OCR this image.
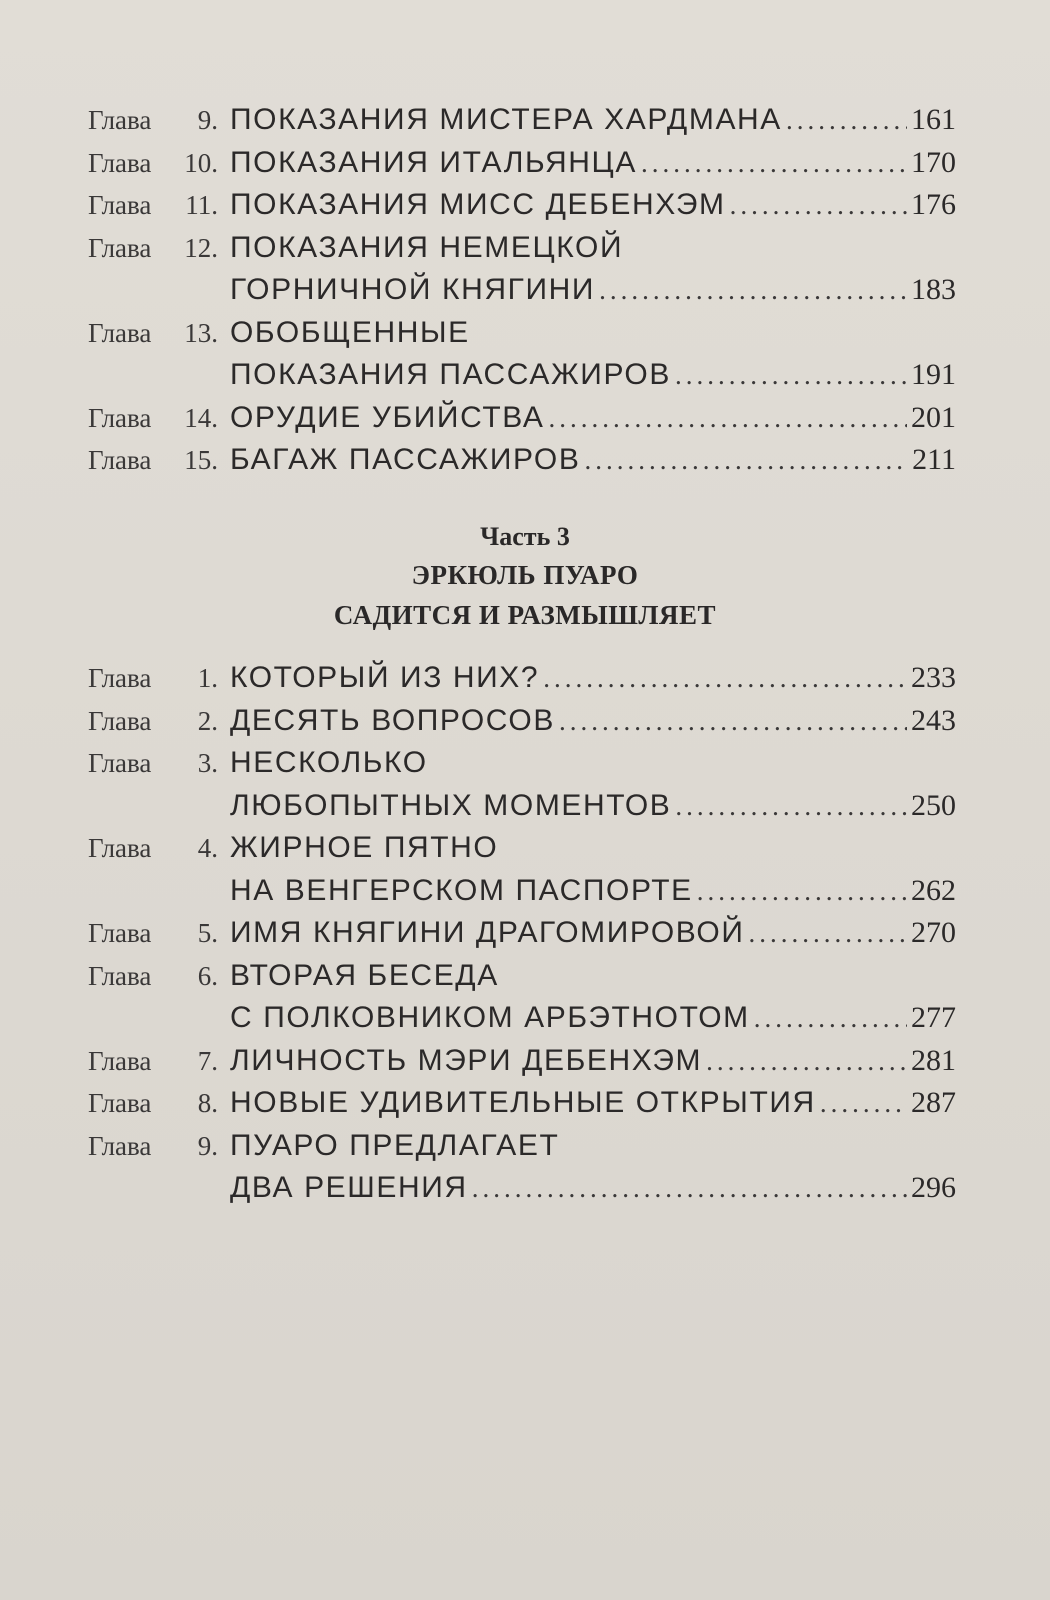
Глава 9. ПОКАЗАНИЯ МИСТЕРА ХАРДМАНА .....	161
Глава 10. ПОКАЗАНИЯ ИТАЛЬЯНЦА .....	170
Глава 11. ПОКАЗАНИЯ МИСС ДЕБЕНХЭМ .....	176
Глава 12. ПОКАЗАНИЯ НЕМЕЦКОЙ
ГОРНИЧНОЙ КНЯГИНИ .....	183
Глава 13. ОБОБЩЕННЫЕ
ПОКАЗАНИЯ ПАССАЖИРОВ .....	191
Глава 14. ОРУДИЕ УБИЙСТВА .....	201
Глава 15. БАГАЖ ПАССАЖИРОВ .....	211
Часть 3
ЭРКЮЛЬ ПУАРО
САДИТСЯ И РАЗМЫШЛЯЕТ
Глава 1. КОТОРЫЙ ИЗ НИХ? .....	233
Глава 2. ДЕСЯТЬ ВОПРОСОВ .....	243
Глава 3. НЕСКОЛЬКО
ЛЮБОПЫТНЫХ МОМЕНТОВ .....	250
Глава 4. ЖИРНОЕ ПЯТНО
НА ВЕНГЕРСКОМ ПАСПОРТЕ .....	262
Глава 5. ИМЯ КНЯГИНИ ДРАГОМИРОВОЙ .....	270
Глава 6. ВТОРАЯ БЕСЕДА
С ПОЛКОВНИКОМ АРБЭТНОТОМ .....	277
Глава 7. ЛИЧНОСТЬ МЭРИ ДЕБЕНХЭМ .....	281
Глава 8. НОВЫЕ УДИВИТЕЛЬНЫЕ ОТКРЫТИЯ .....	287
Глава 9. ПУАРО ПРЕДЛАГАЕТ
ДВА РЕШЕНИЯ .....	296
